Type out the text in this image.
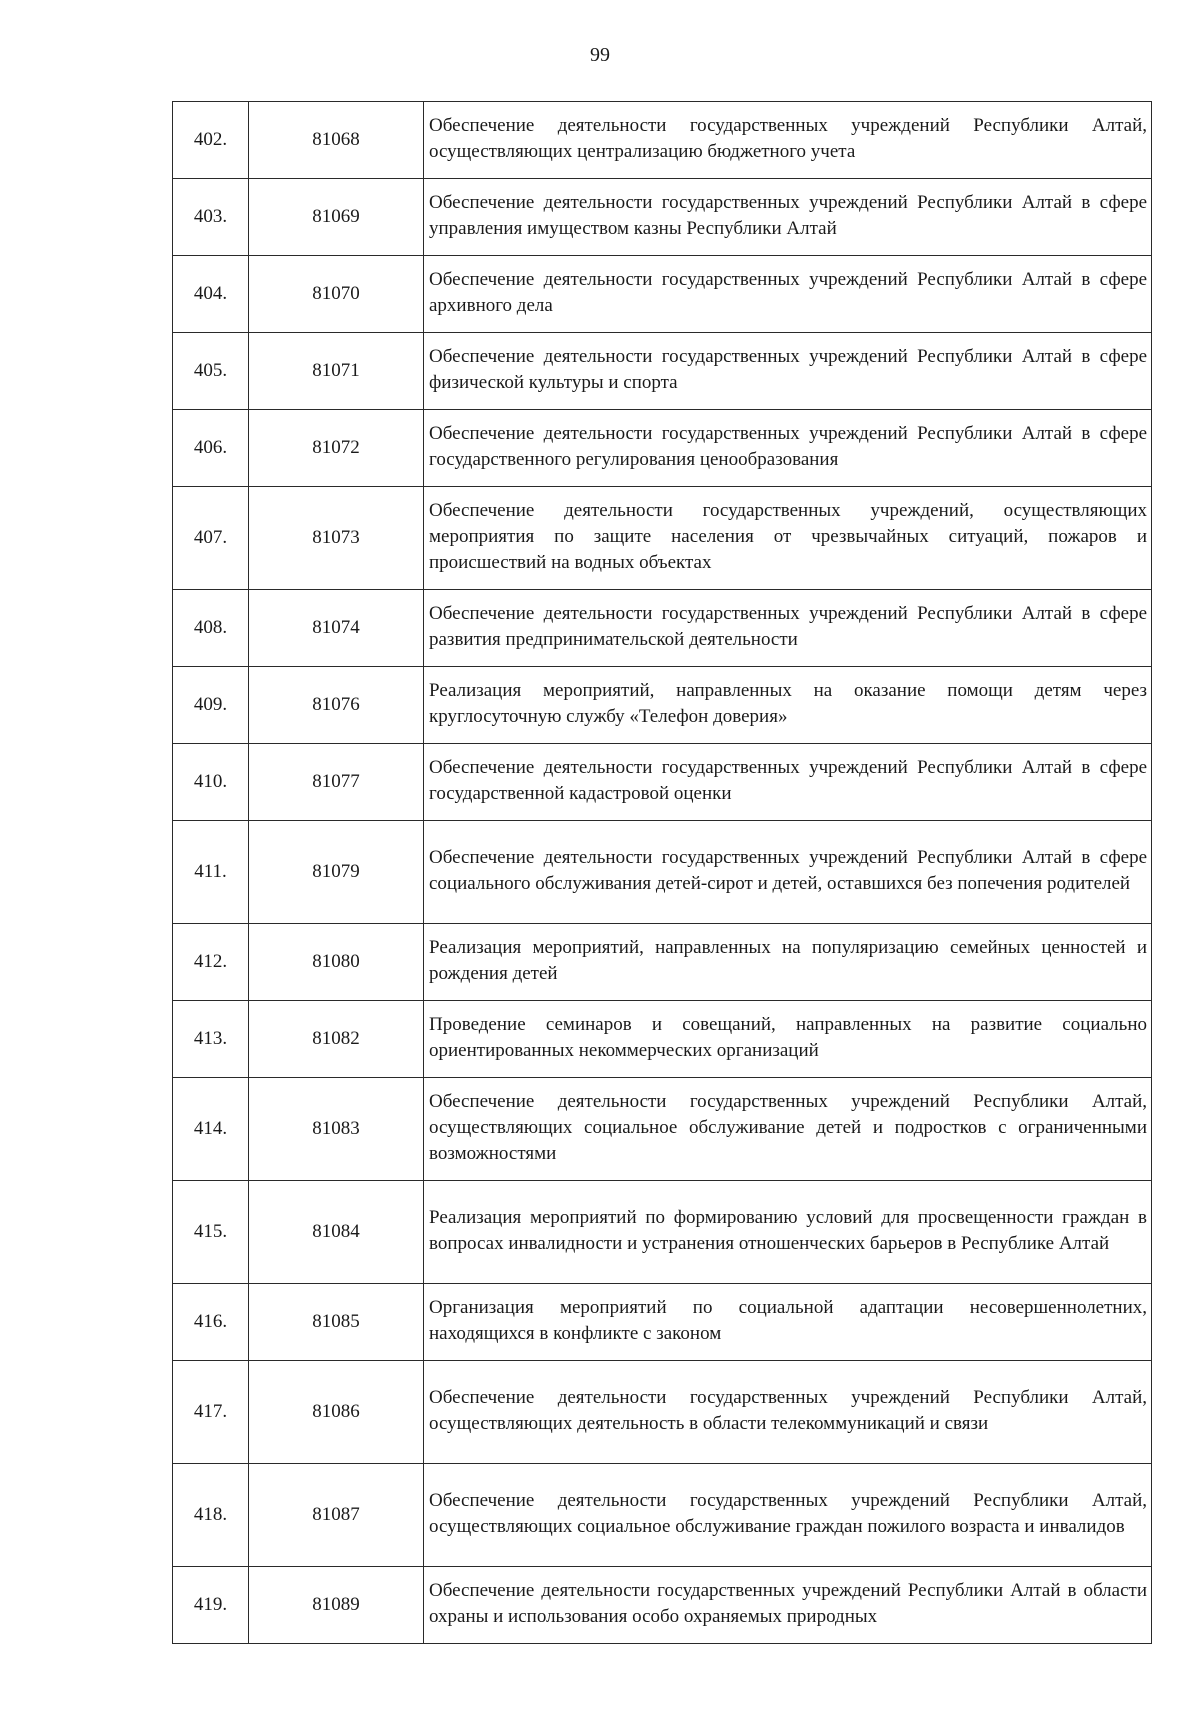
99
402.	81068	Обеспечение деятельности государственных учреждений Республики Алтай, осуществляющих централизацию бюджетного учета
403.	81069	Обеспечение деятельности государственных учреждений Республики Алтай в сфере управления имуществом казны Республики Алтай
404.	81070	Обеспечение деятельности государственных учреждений Республики Алтай в сфере архивного дела
405.	81071	Обеспечение деятельности государственных учреждений Республики Алтай в сфере физической культуры и спорта
406.	81072	Обеспечение деятельности государственных учреждений Республики Алтай в сфере государственного регулирования ценообразования
407.	81073	Обеспечение деятельности государственных учреждений, осуществляющих мероприятия по защите населения от чрезвычайных ситуаций, пожаров и происшествий на водных объектах
408.	81074	Обеспечение деятельности государственных учреждений Республики Алтай в сфере развития предпринимательской деятельности
409.	81076	Реализация мероприятий, направленных на оказание помощи детям через круглосуточную службу «Телефон доверия»
410.	81077	Обеспечение деятельности государственных учреждений Республики Алтай в сфере государственной кадастровой оценки
411.	81079	Обеспечение деятельности государственных учреждений Республики Алтай в сфере социального обслуживания детей-сирот и детей, оставшихся без попечения родителей
412.	81080	Реализация мероприятий, направленных на популяризацию семейных ценностей и рождения детей
413.	81082	Проведение семинаров и совещаний, направленных на развитие социально ориентированных некоммерческих организаций
414.	81083	Обеспечение деятельности государственных учреждений Республики Алтай, осуществляющих социальное обслуживание детей и подростков с ограниченными возможностями
415.	81084	Реализация мероприятий по формированию условий для просвещенности граждан в вопросах инвалидности и устранения отношенческих барьеров в Республике Алтай
416.	81085	Организация мероприятий по социальной адаптации несовершеннолетних, находящихся в конфликте с законом
417.	81086	Обеспечение деятельности государственных учреждений Республики Алтай, осуществляющих деятельность в области телекоммуникаций и связи
418.	81087	Обеспечение деятельности государственных учреждений Республики Алтай, осуществляющих социальное обслуживание граждан пожилого возраста и инвалидов
419.	81089	Обеспечение деятельности государственных учреждений Республики Алтай в области охраны и использования особо охраняемых природных
